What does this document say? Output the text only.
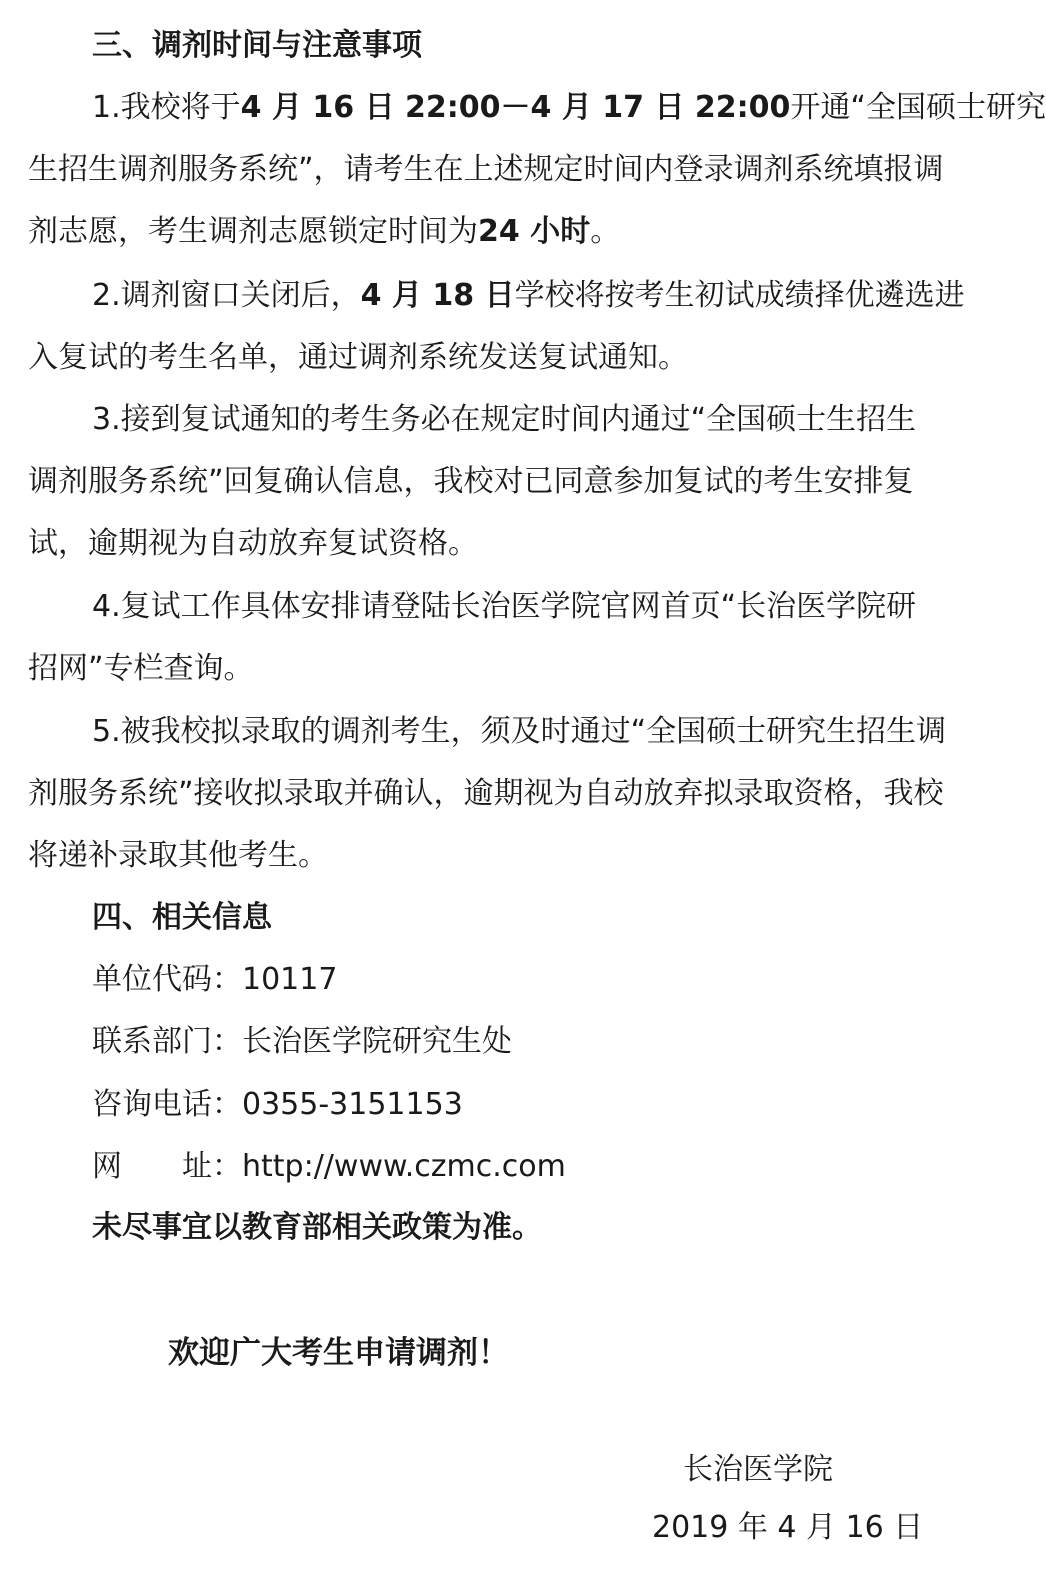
三、调剂时间与注意事项
1.我校将于4 月 16 日 22:00－4 月 17 日 22:00开通“全国硕士研究
生招生调剂服务系统”，请考生在上述规定时间内登录调剂系统填报调
剂志愿，考生调剂志愿锁定时间为24 小时。
2.调剂窗口关闭后，4 月 18 日学校将按考生初试成绩择优遴选进
入复试的考生名单，通过调剂系统发送复试通知。
3.接到复试通知的考生务必在规定时间内通过“全国硕士生招生
调剂服务系统”回复确认信息，我校对已同意参加复试的考生安排复
试，逾期视为自动放弃复试资格。
4.复试工作具体安排请登陆长治医学院官网首页“长治医学院研
招网”专栏查询。
5.被我校拟录取的调剂考生，须及时通过“全国硕士研究生招生调
剂服务系统”接收拟录取并确认，逾期视为自动放弃拟录取资格，我校
将递补录取其他考生。
四、相关信息
单位代码：10117
联系部门：长治医学院研究生处
咨询电话：0355-3151153
网 址：http://www.czmc.com
未尽事宜以教育部相关政策为准。
欢迎广大考生申请调剂！
长治医学院
2019 年 4 月 16 日
